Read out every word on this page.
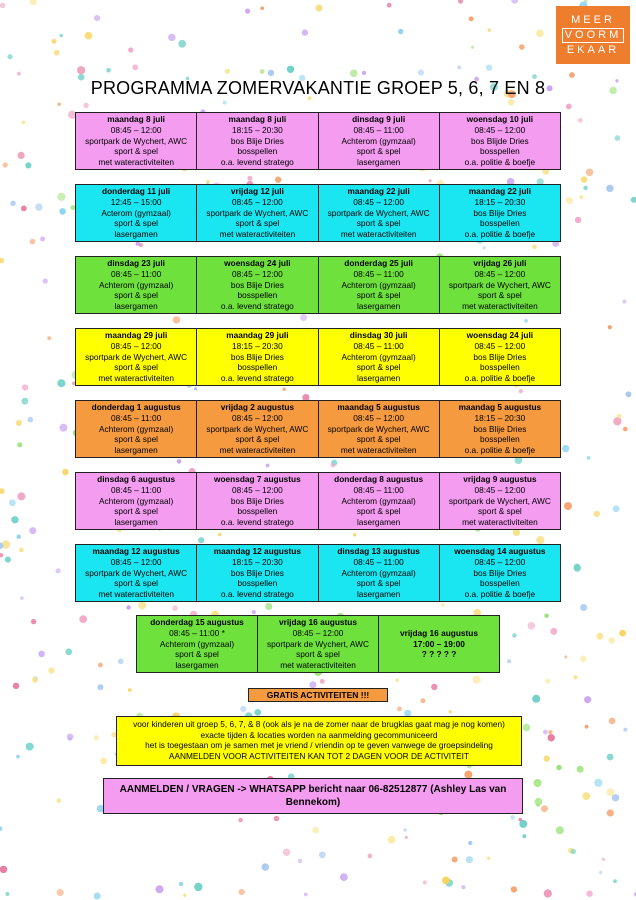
MEER
VOORM
EKAAR
PROGRAMMA ZOMERVAKANTIE GROEP 5, 6, 7 EN 8
maandag 8 juli
08:45 – 12:00
sportpark de Wychert, AWC
sport & spel
met wateractiviteiten
maandag 8 juli
18:15 – 20:30
bos Blije Dries
bosspellen
o.a. levend stratego
dinsdag 9 juli
08:45 – 11:00
Achterom (gymzaal)
sport & spel
lasergamen
woensdag 10 juli
08:45 – 12:00
bos Blijde Dries
bosspellen
o.a. politie & boefje
donderdag 11 juli
12:45 – 15:00
Acterom (gymzaal)
sport & spel
lasergamen
vrijdag 12 juli
08:45 – 12:00
sportpark de Wychert, AWC
sport & spel
met wateractiviteiten
maandag 22 juli
08:45 – 12:00
sportpark de Wychert, AWC
sport & spel
met wateractiviteiten
maandag 22 juli
18:15 – 20:30
bos Blije Dries
bosspellen
o.a. politie & boefje
dinsdag 23 juli
08:45 – 11:00
Achterom (gymzaal)
sport & spel
lasergamen
woensdag 24 juli
08:45 – 12:00
bos Blije Dries
bosspellen
o.a. levend stratego
donderdag 25 juli
08:45 – 11:00
Achterom (gymzaal)
sport & spel
lasergamen
vrijdag 26 juli
08:45 – 12:00
sportpark de Wychert, AWC
sport & spel
met wateractiviteiten
maandag 29 juli
08:45 – 12:00
sportpark de Wychert, AWC
sport & spel
met wateractiviteiten
maandag 29 juli
18:15 – 20:30
bos Blije Dries
bosspellen
o.a. levend stratego
dinsdag 30 juli
08:45 – 11:00
Achterom (gymzaal)
sport & spel
lasergamen
woensdag 24 juli
08:45 – 12:00
bos Blije Dries
bosspellen
o.a. politie & boefje
donderdag 1 augustus
08:45 – 11:00
Achterom (gymzaal)
sport & spel
lasergamen
vrijdag 2 augustus
08:45 – 12:00
sportpark de Wychert, AWC
sport & spel
met wateractiviteiten
maandag 5 augustus
08:45 – 12:00
sportpark de Wychert, AWC
sport & spel
met wateractiviteiten
maandag 5 augustus
18:15 – 20:30
bos Blije Dries
bosspellen
o.a. politie & boefje
dinsdag 6 augustus
08:45 – 11:00
Achterom (gymzaal)
sport & spel
lasergamen
woensdag 7 augustus
08:45 – 12:00
bos Blije Dries
bosspellen
o.a. levend stratego
donderdag 8 augustus
08:45 – 11:00
Achterom (gymzaal)
sport & spel
lasergamen
vrijdag 9 augustus
08:45 – 12:00
sportpark de Wychert, AWC
sport & spel
met wateractiviteiten
maandag 12 augustus
08:45 – 12:00
sportpark de Wychert, AWC
sport & spel
met wateractiviteiten
maandag 12 augustus
18:15 – 20:30
bos Blije Dries
bosspellen
o.a. levend stratego
dinsdag 13 augustus
08:45 – 11:00
Achterom (gymzaal)
sport & spel
lasergamen
woensdag 14 augustus
08:45 – 12:00
bos Blije Dries
bosspellen
o.a. politie & boefje
donderdag 15 augustus
08:45 – 11:00 *
Achterom (gymzaal)
sport & spel
lasergamen
vrijdag 16 augustus
08:45 – 12:00
sportpark de Wychert, AWC
sport & spel
met wateractiviteiten
vrijdag 16 augustus
17:00 – 19:00
? ? ? ? ?
GRATIS ACTIVITEITEN !!!
voor kinderen uit groep 5, 6, 7, & 8 (ook als je na de zomer naar de brugklas gaat mag je nog komen)
exacte tijden & locaties worden na aanmelding gecommuniceerd
het is toegestaan om je samen met je vriend / vriendin op te geven vanwege de groepsindeling
AANMELDEN VOOR ACTIVITEITEN KAN TOT 2 DAGEN VOOR DE ACTIVITEIT
AANMELDEN / VRAGEN -> WHATSAPP bericht naar 06-82512877 (Ashley Las van Bennekom)
